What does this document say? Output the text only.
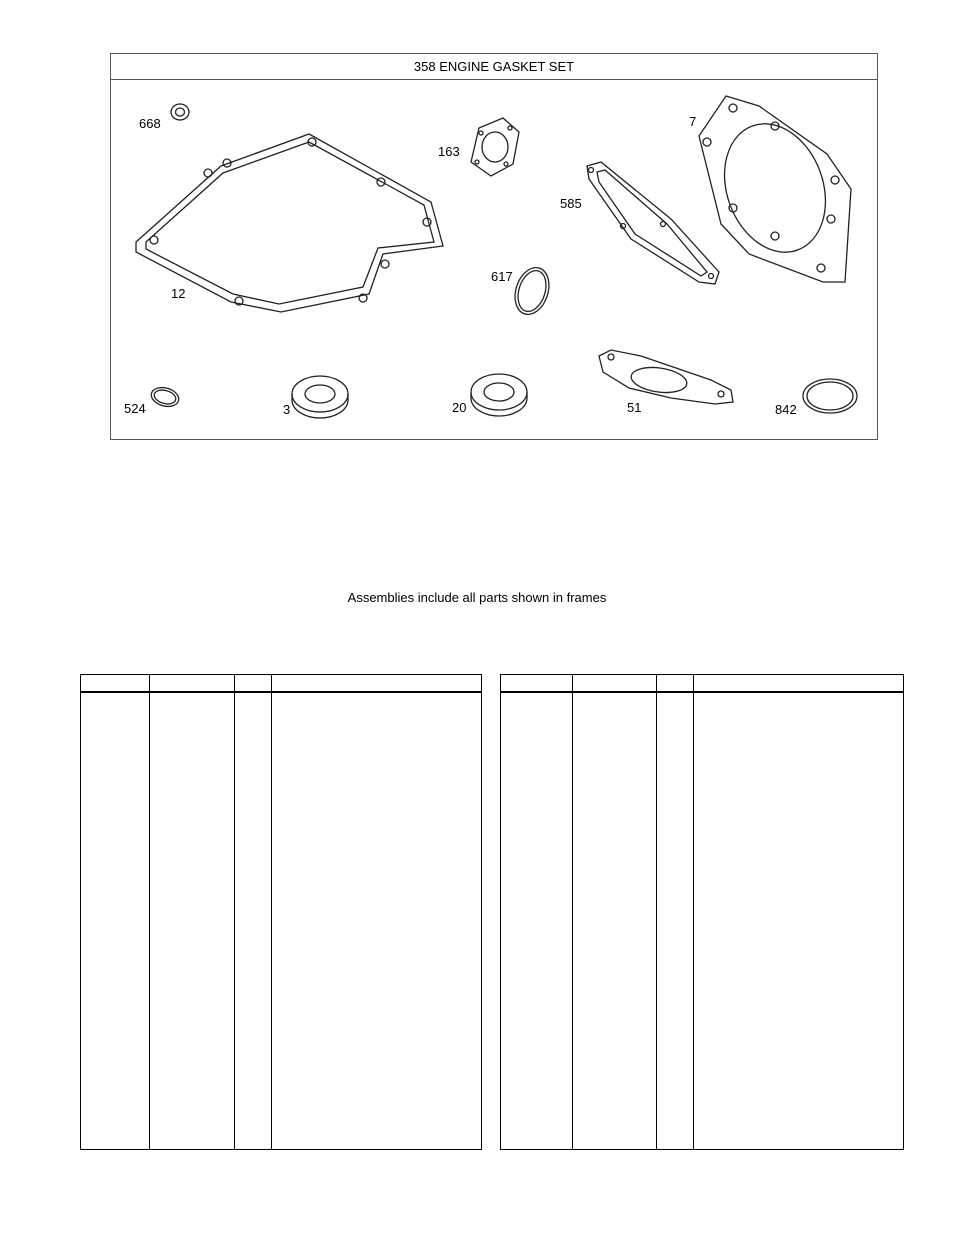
358 ENGINE GASKET SET
668
12
163
585
617
7
524	3	20	51	842
Assemblies include all parts shown in frames
